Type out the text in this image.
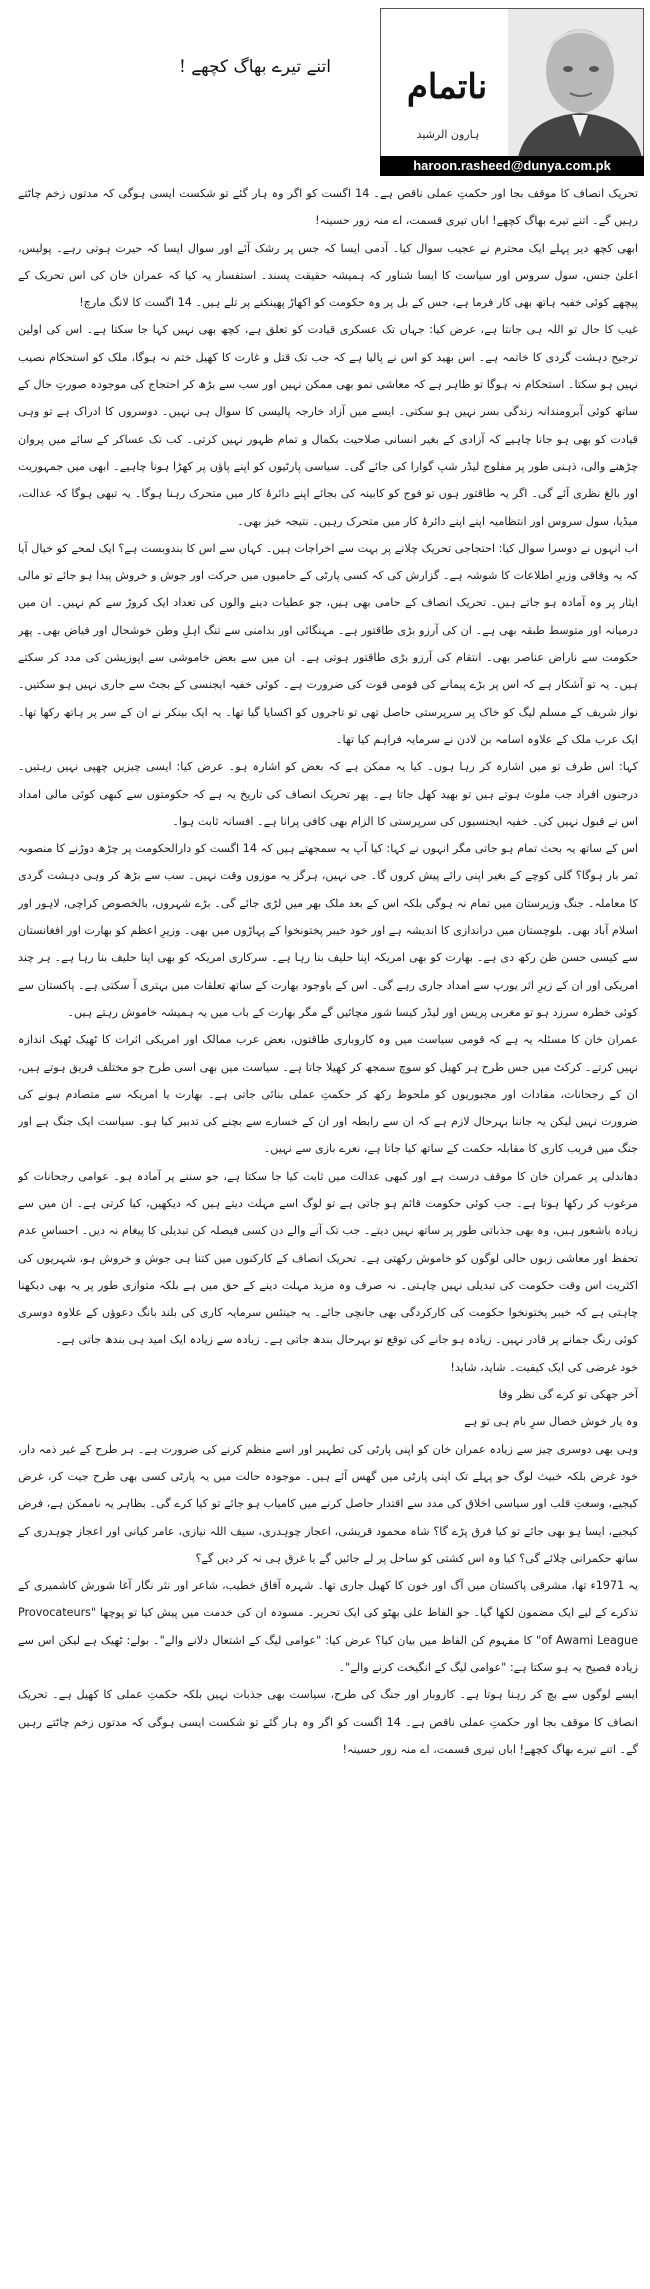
اتنے تیرے بھاگ کچھے !	ناتمام
ہارون الرشید
haroon.rasheed@dunya.com.pk

تحریک انصاف کا موقف بجا اور حکمتِ عملی ناقص ہے۔ 14 اگست کو اگر وہ ہار گئے تو شکست ایسی ہوگی کہ مدتوں زخم چاٹتے رہیں گے۔ اتنے تیرے بھاگ کچھے! اباں تیری قسمت، اے منہ زور حسینہ!

ابھی کچھ دیر پہلے ایک محترم نے عجیب سوال کیا۔ آدمی ایسا کہ جس پر رشک آئے اور سوال ایسا کہ حیرت ہوتی رہے۔ پولیس، اعلیٰ جنس، سول سروس اور سیاست کا ایسا شناور کہ ہمیشہ حقیقت پسند۔ استفسار یہ کیا کہ عمران خان کی اس تحریک کے پیچھے کوئی خفیہ ہاتھ بھی کار فرما ہے، جس کے بل پر وہ حکومت کو اکھاڑ پھینکنے پر تلے ہیں۔ 14 اگست کا لانگ مارچ!

غیب کا حال تو اللہ ہی جانتا ہے، عرض کیا: جہاں تک عسکری قیادت کو تعلق ہے، کچھ بھی نہیں کہا جا سکتا ہے۔ اس کی اولین ترجیح دہشت گردی کا خاتمہ ہے۔ اس بھید کو اس نے پالیا ہے کہ جب تک قتل و غارت کا کھیل ختم نہ ہوگا، ملک کو استحکام نصیب نہیں ہو سکتا۔ استحکام نہ ہوگا تو ظاہر ہے کہ معاشی نمو بھی ممکن نہیں اور سب سے بڑھ کر احتجاج کی موجودہ صورتِ حال کے ساتھ کوئی آبرومندانہ زندگی بسر نہیں ہو سکتی۔ ایسے میں آزاد خارجہ پالیسی کا سوال ہی نہیں۔ دوسروں کا ادراک ہے تو وہی قیادت کو بھی ہو جانا چاہیے کہ آزادی کے بغیر انسانی صلاحیت بکمال و تمام ظہور نہیں کرتی۔ کب تک عساکر کے سائے میں پروان چڑھنے والی، ذہنی طور پر مفلوج لیڈر شپ گوارا کی جائے گی۔ سیاسی پارٹیوں کو اپنے پاؤں پر کھڑا ہونا چاہیے۔ ابھی میں جمہوریت اور بالغ نظری آئے گی۔ اگر یہ طاقتور ہوں تو فوج کو کابینہ کی بجائے اپنے دائرۂ کار میں متحرک رہنا ہوگا۔ یہ تبھی ہوگا کہ عدالت، میڈیا، سول سروس اور انتظامیہ اپنے اپنے دائرۂ کار میں متحرک رہیں۔ نتیجہ خیز بھی۔

اب انہوں نے دوسرا سوال کیا: احتجاجی تحریک چلانے پر بہت سے اخراجات ہیں۔ کہاں سے اس کا بندوبست ہے؟ ایک لمحے کو خیال آیا کہ یہ وفاقی وزیرِ اطلاعات کا شوشہ ہے۔ گزارش کی کہ کسی پارٹی کے حامیوں میں حرکت اور جوش و خروش پیدا ہو جائے تو مالی ایثار پر وہ آمادہ ہو جاتے ہیں۔ تحریک انصاف کے حامی بھی ہیں، جو عطیات دینے والوں کی تعداد ایک کروڑ سے کم نہیں۔ ان میں درمیانہ اور متوسط طبقہ بھی ہے۔ ان کی آرزو بڑی طاقتور ہے۔ مہنگائی اور بدامنی سے تنگ اہلِ وطن خوشحال اور فیاض بھی۔ پھر حکومت سے ناراض عناصر بھی۔ انتقام کی آرزو بڑی طاقتور ہوتی ہے۔ ان میں سے بعض خاموشی سے اپوزیشن کی مدد کر سکتے ہیں۔ یہ تو آشکار ہے کہ اس پر بڑے پیمانے کی قومی قوت کی ضرورت ہے۔ کوئی خفیہ ایجنسی کے بجٹ سے جاری نہیں ہو سکتیں۔ نواز شریف کے مسلم لیگ کو خاک پر سرپرستی حاصل تھی تو تاجروں کو اکسایا گیا تھا۔ یہ ایک بینکر نے ان کے سر پر ہاتھ رکھا تھا۔ ایک عرب ملک کے علاوہ اسامہ بن لادن نے سرمایہ فراہم کیا تھا۔

کہا: اس طرف تو میں اشارہ کر رہا ہوں۔ کیا یہ ممکن ہے کہ بعض کو اشارہ ہو۔ عرض کیا: ایسی چیزیں چھپی نہیں رہتیں۔ درجنوں افراد جب ملوث ہوتے ہیں تو بھید کھل جاتا ہے۔ پھر تحریک انصاف کی تاریخ یہ ہے کہ حکومتوں سے کبھی کوئی مالی امداد اس نے قبول نہیں کی۔ خفیہ ایجنسیوں کی سرپرستی کا الزام بھی کافی پرانا ہے۔ افسانہ ثابت ہوا۔

اس کے ساتھ یہ بحث تمام ہو جاتی مگر انہوں نے کہا: کیا آپ یہ سمجھتے ہیں کہ 14 اگست کو دارالحکومت پر چڑھ دوڑنے کا منصوبہ ثمر بار ہوگا؟ گلی کوچے کے بغیر اپنی رائے پیش کروں گا۔ جی نہیں، ہرگز یہ موزوں وقت نہیں۔ سب سے بڑھ کر وہی دہشت گردی کا معاملہ۔ جنگ وزیرستان میں تمام نہ ہوگی بلکہ اس کے بعد ملک بھر میں لڑی جائے گی۔ بڑے شہروں، بالخصوص کراچی، لاہور اور اسلام آباد بھی۔ بلوچستان میں دراندازی کا اندیشہ ہے اور خود خیبر پختونخوا کے پہاڑوں میں بھی۔ وزیرِ اعظم کو بھارت اور افغانستان سے کیسی حسن ظن رکھ دی ہے۔ بھارت کو بھی امریکہ اپنا حلیف بنا رہا ہے۔ سرکاری امریکہ کو بھی اپنا حلیف بنا رہا ہے۔ ہر چند امریکی اور ان کے زیرِ اثر یورپ سے امداد جاری رہے گی۔ اس کے باوجود بھارت کے ساتھ تعلقات میں بہتری آ سکتی ہے۔ پاکستان سے کوئی خطرہ سرزد ہو تو مغربی پریس اور لیڈر کیسا شور مچائیں گے مگر بھارت کے باب میں یہ ہمیشہ خاموش رہتے ہیں۔

عمران خان کا مسئلہ یہ ہے کہ قومی سیاست میں وہ کاروباری طاقتوں، بعض عرب ممالک اور امریکی اثرات کا ٹھیک ٹھیک اندازہ نہیں کرتے۔ کرکٹ میں جس طرح ہر کھیل کو سوچ سمجھ کر کھیلا جاتا ہے۔ سیاست میں بھی اسی طرح جو مختلف فریق ہوتے ہیں، ان کے رجحانات، مفادات اور مجبوریوں کو ملحوظ رکھ کر حکمتِ عملی بنائی جاتی ہے۔ بھارت یا امریکہ سے متصادم ہونے کی ضرورت نہیں لیکن یہ جاننا بہرحال لازم ہے کہ ان سے رابطہ اور ان کے خسارے سے بچنے کی تدبیر کیا ہو۔ سیاست ایک جنگ ہے اور جنگ میں فریب کاری کا مقابلہ حکمت کے ساتھ کیا جاتا ہے، نعرے بازی سے نہیں۔

دھاندلی پر عمران خان کا موقف درست ہے اور کبھی عدالت میں ثابت کیا جا سکتا ہے، جو سننے پر آمادہ ہو۔ عوامی رجحانات کو مرغوب کر رکھا ہوتا ہے۔ جب کوئی حکومت قائم ہو جاتی ہے تو لوگ اسے مہلت دیتے ہیں کہ دیکھیں، کیا کرتی ہے۔ ان میں سے زیادہ باشعور ہیں، وہ بھی جذباتی طور پر ساتھ نہیں دیتے۔ جب تک آنے والے دن کسی فیصلہ کن تبدیلی کا پیغام نہ دیں۔ احساسِ عدم تحفظ اور معاشی زبوں حالی لوگوں کو خاموش رکھتی ہے۔ تحریک انصاف کے کارکنوں میں کتنا ہی جوش و خروش ہو، شہریوں کی اکثریت اس وقت حکومت کی تبدیلی نہیں چاہتی۔ نہ صرف وہ مزید مہلت دینے کے حق میں ہے بلکہ متوازی طور پر یہ بھی دیکھنا چاہتی ہے کہ خیبر پختونخوا حکومت کی کارکردگی بھی جانچی جائے۔ یہ جینئس سرمایہ کاری کی بلند بانگ دعوؤں کے علاوہ دوسری کوئی رنگ جمانے پر قادر نہیں۔ زیادہ ہو جانے کی توقع تو بہرحال بندھ جاتی ہے۔ زیادہ سے زیادہ ایک امید ہی بندھ جاتی ہے۔

خود غرضی کی ایک کیفیت۔ شاید، شاید!

آخر جھکی تو کرے گی نظر وفا

وہ یار خوش خصال سرِ بام ہی تو ہے

وہی بھی دوسری چیز سے زیادہ عمران خان کو اپنی پارٹی کی تطہیر اور اسے منظم کرنے کی ضرورت ہے۔ ہر طرح کے غیر ذمہ دار، خود غرض بلکہ خبیث لوگ جو پہلے تک اپنی پارٹی میں گھس آئے ہیں۔ موجودہ حالت میں یہ پارٹی کسی بھی طرح جیت کر، غرض کیجیے، وسعتِ قلب اور سیاسی اخلاق کی مدد سے اقتدار حاصل کرنے میں کامیاب ہو جائے تو کیا کرے گی۔ بظاہر یہ ناممکن ہے، فرض کیجیے، ایسا ہو بھی جائے تو کیا فرق پڑے گا؟ شاہ محمود قریشی، اعجاز چوہدری، سیف اللہ نیازی، عامر کیانی اور اعجاز چوہدری کے ساتھ حکمرانی چلائے گی؟ کیا وہ اس کشتی کو ساحل پر لے جائیں گے یا غرق ہی نہ کر دیں گے؟

یہ 1971ء تھا، مشرقی پاکستان میں آگ اور خون کا کھیل جاری تھا۔ شہرہ آفاق خطیب، شاعر اور نثر نگار آغا شورش کاشمیری کے تذکرے کے لیے ایک مضمون لکھا گیا۔ جو الفاظ علی بھٹو کی ایک تحریر۔ مسودہ ان کی خدمت میں پیش کیا تو پوچھا "Provocateurs of Awami League" کا مفہوم کن الفاظ میں بیان کیا؟ عرض کیا: "عوامی لیگ کے اشتعال دلانے والے"۔ بولے: ٹھیک ہے لیکن اس سے زیادہ فصیح یہ ہو سکتا ہے: "عوامی لیگ کے انگیخت کرنے والے"۔

ایسے لوگوں سے بچ کر رہنا ہوتا ہے۔ کاروبار اور جنگ کی طرح، سیاست بھی جذبات نہیں بلکہ حکمتِ عملی کا کھیل ہے۔ تحریک انصاف کا موقف بجا اور حکمتِ عملی ناقص ہے۔ 14 اگست کو اگر وہ ہار گئے تو شکست ایسی ہوگی کہ مدتوں زخم چاٹتے رہیں گے۔ اتنے تیرے بھاگ کچھے! اباں تیری قسمت، اے منہ زور حسینہ!
